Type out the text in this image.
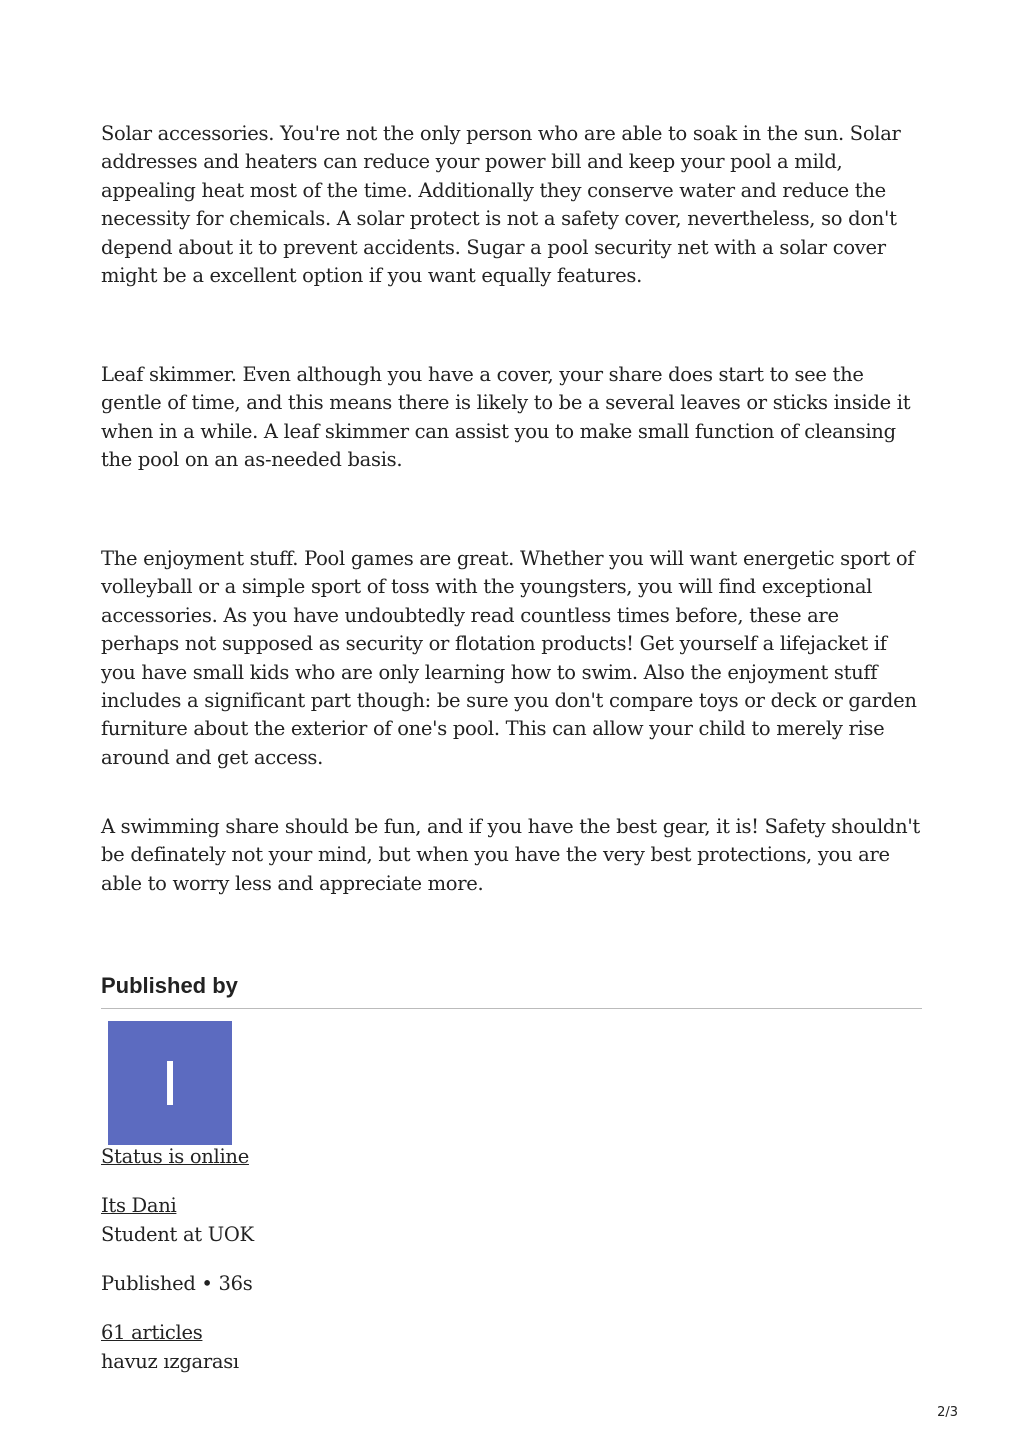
Solar accessories. You're not the only person who are able to soak in the sun. Solar addresses and heaters can reduce your power bill and keep your pool a mild, appealing heat most of the time. Additionally they conserve water and reduce the necessity for chemicals. A solar protect is not a safety cover, nevertheless, so don't depend about it to prevent accidents. Sugar a pool security net with a solar cover might be a excellent option if you want equally features.

Leaf skimmer. Even although you have a cover, your share does start to see the gentle of time, and this means there is likely to be a several leaves or sticks inside it when in a while. A leaf skimmer can assist you to make small function of cleansing the pool on an as-needed basis.

The enjoyment stuff. Pool games are great. Whether you will want energetic sport of volleyball or a simple sport of toss with the youngsters, you will find exceptional accessories. As you have undoubtedly read countless times before, these are perhaps not supposed as security or flotation products! Get yourself a lifejacket if you have small kids who are only learning how to swim. Also the enjoyment stuff includes a significant part though: be sure you don't compare toys or deck or garden furniture about the exterior of one's pool. This can allow your child to merely rise around and get access.

A swimming share should be fun, and if you have the best gear, it is! Safety shouldn't be definately not your mind, but when you have the very best protections, you are able to worry less and appreciate more.

Published by
I
Status is online
Its Dani
Student at UOK
Published • 36s
61 articles
havuz ızgarası
2/3
